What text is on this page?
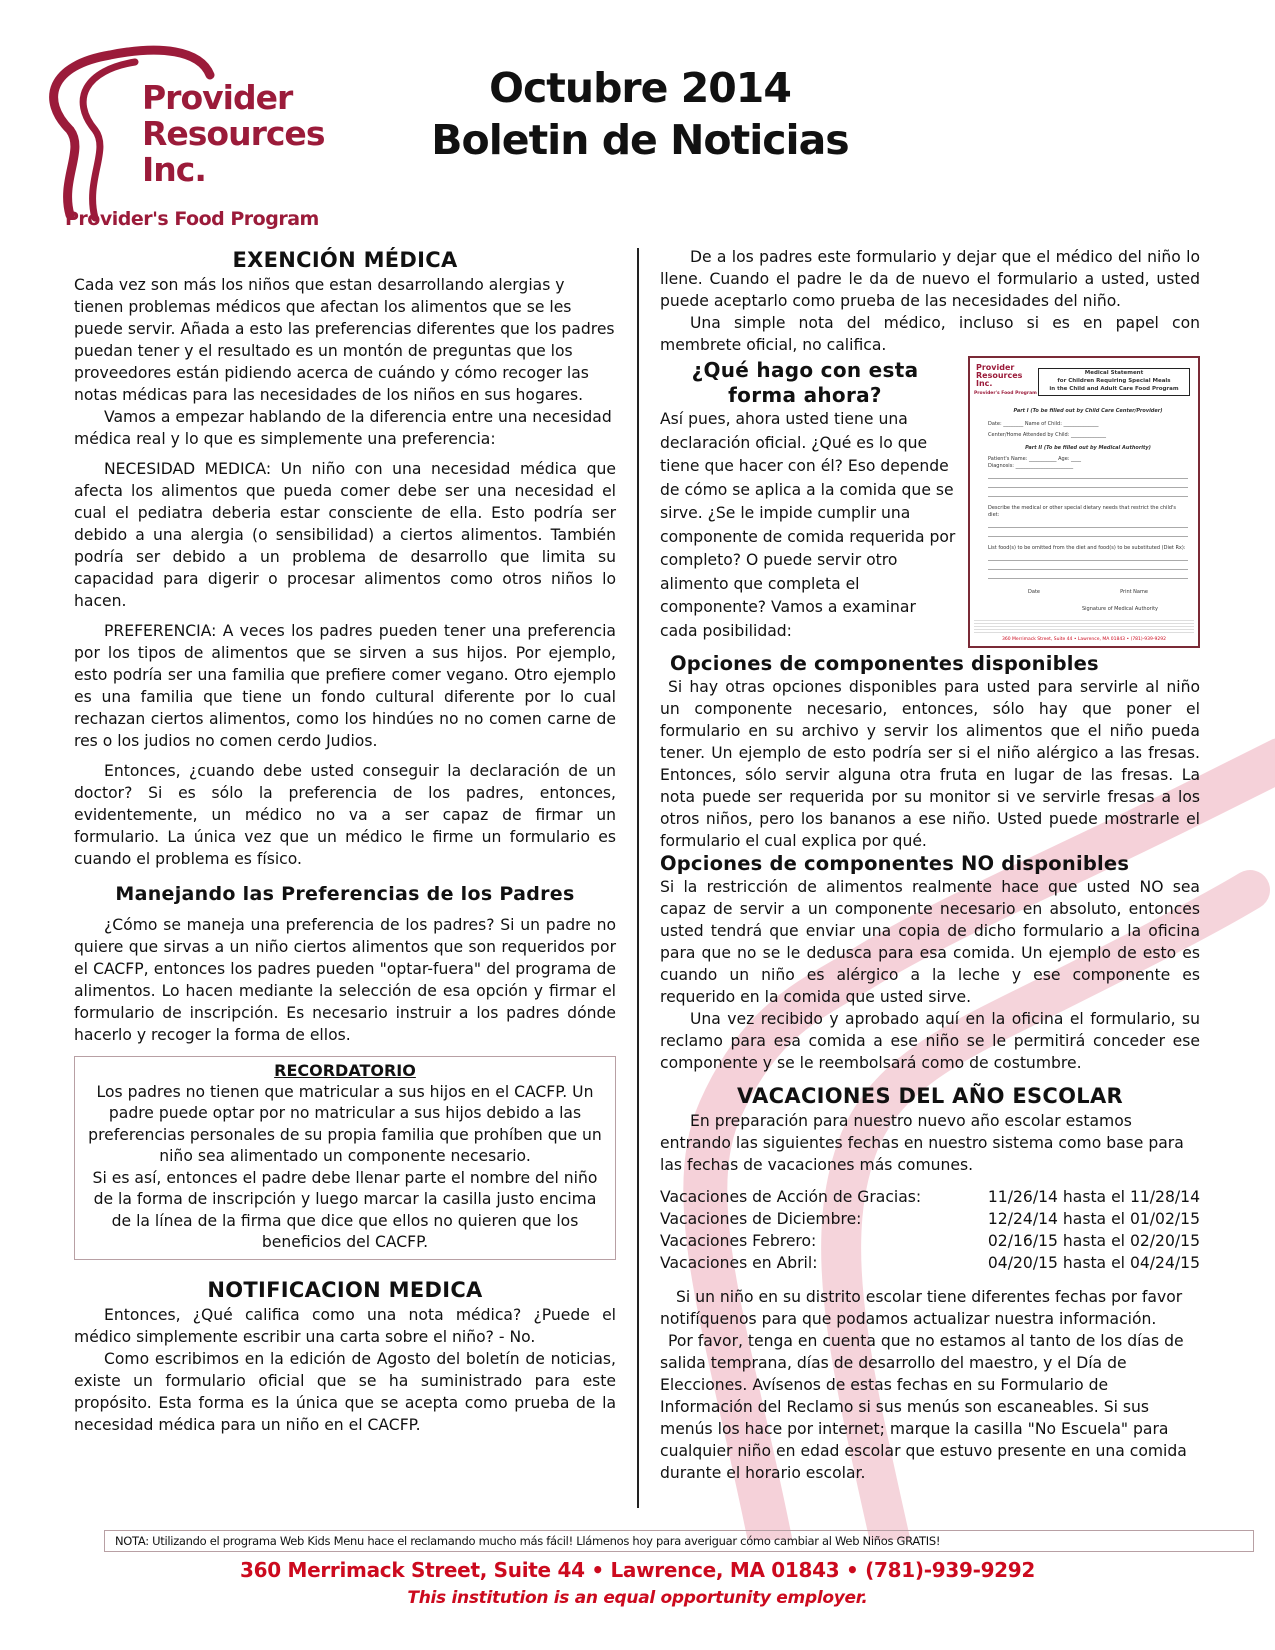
Provider
Resources
Inc.
Provider's Food Program
Octubre 2014
Boletin de Noticias
EXENCIÓN MÉDICA

Cada vez son más los niños que estan desarrollando alergias y tienen problemas médicos que afectan los alimentos que se les puede servir. Añada a esto las preferencias diferentes que los padres puedan tener y el resultado es un montón de preguntas que los proveedores están pidiendo acerca de cuándo y cómo recoger las notas médicas para las necesidades de los niños en sus hogares.

Vamos a empezar hablando de la diferencia entre una necesidad médica real y lo que es simplemente una preferencia:

NECESIDAD MEDICA: Un niño con una necesidad médica que afecta los alimentos que pueda comer debe ser una necesidad el cual el pediatra deberia estar consciente de ella. Esto podría ser debido a una alergia (o sensibilidad) a ciertos alimentos. También podría ser debido a un problema de desarrollo que limita su capacidad para digerir o procesar alimentos como otros niños lo hacen.

PREFERENCIA: A veces los padres pueden tener una preferencia por los tipos de alimentos que se sirven a sus hijos. Por ejemplo, esto podría ser una familia que prefiere comer vegano. Otro ejemplo es una familia que tiene un fondo cultural diferente por lo cual rechazan ciertos alimentos, como los hindúes no no comen carne de res o los judios no comen cerdo Judios.

Entonces, ¿cuando debe usted conseguir la declaración de un doctor? Si es sólo la preferencia de los padres, entonces, evidentemente, un médico no va a ser capaz de firmar un formulario. La única vez que un médico le firme un formulario es cuando el problema es físico.

Manejando las Preferencias de los Padres

¿Cómo se maneja una preferencia de los padres? Si un padre no quiere que sirvas a un niño ciertos alimentos que son requeridos por el CACFP, entonces los padres pueden "optar-fuera" del programa de alimentos. Lo hacen mediante la selección de esa opción y firmar el formulario de inscripción. Es necesario instruir a los padres dónde hacerlo y recoger la forma de ellos.

RECORDATORIO

Los padres no tienen que matricular a sus hijos en el CACFP. Un padre puede optar por no matricular a sus hijos debido a las preferencias personales de su propia familia que prohíben que un niño sea alimentado un componente necesario.

Si es así, entonces el padre debe llenar parte el nombre del niño de la forma de inscripción y luego marcar la casilla justo encima de la línea de la firma que dice que ellos no quieren que los beneficios del CACFP.

NOTIFICACION MEDICA

Entonces, ¿Qué califica como una nota médica? ¿Puede el médico simplemente escribir una carta sobre el niño? - No.

Como escribimos en la edición de Agosto del boletín de noticias, existe un formulario oficial que se ha suministrado para este propósito. Esta forma es la única que se acepta como prueba de la necesidad médica para un niño en el CACFP.

De a los padres este formulario y dejar que el médico del niño lo llene. Cuando el padre le da de nuevo el formulario a usted, usted puede aceptarlo como prueba de las necesidades del niño.

Una simple nota del médico, incluso si es en papel con membrete oficial, no califica.

Provider Resources Inc.
Provider's Food Program
Medical Statement
for Children Requiring Special Meals
in the Child and Adult Care Food Program
Part I (To be filled out by Child Care Center/Provider)
Date: ________ Name of Child: ______________
Center/Home Attended by Child: ______________
Part II (To be filled out by Medical Authority)
Patient's Name: ___________ Age: ____
Diagnosis: _______________________
Describe the medical or other special dietary needs that restrict the child's diet:
List food(s) to be omitted from the diet and food(s) to be substituted (Diet Rx):
Date	Print Name
Signature of Medical Authority
360 Merrimack Street, Suite 44 • Lawrence, MA 01843 • (781)-939-9292
¿Qué hago con esta
forma ahora?

Así pues, ahora usted tiene una declaración oficial. ¿Qué es lo que tiene que hacer con él? Eso depende de cómo se aplica a la comida que se sirve. ¿Se le impide cumplir una componente de comida requerida por completo? O puede servir otro alimento que completa el componente? Vamos a examinar cada posibilidad:

Opciones de componentes disponibles

Si hay otras opciones disponibles para usted para servirle al niño un componente necesario, entonces, sólo hay que poner el formulario en su archivo y servir los alimentos que el niño pueda tener. Un ejemplo de esto podría ser si el niño alérgico a las fresas. Entonces, sólo servir alguna otra fruta en lugar de las fresas. La nota puede ser requerida por su monitor si ve servirle fresas a los otros niños, pero los bananos a ese niño. Usted puede mostrarle el formulario el cual explica por qué.

Opciones de componentes NO disponibles

Si la restricción de alimentos realmente hace que usted NO sea capaz de servir a un componente necesario en absoluto, entonces usted tendrá que enviar una copia de dicho formulario a la oficina para que no se le dedusca para esa comida. Un ejemplo de esto es cuando un niño es alérgico a la leche y ese componente es requerido en la comida que usted sirve.

Una vez recibido y aprobado aquí en la oficina el formulario, su reclamo para esa comida a ese niño se le permitirá conceder ese componente y se le reembolsará como de costumbre.

VACACIONES DEL AÑO ESCOLAR

En preparación para nuestro nuevo año escolar estamos entrando las siguientes fechas en nuestro sistema como base para las fechas de vacaciones más comunes.

Vacaciones de Acción de Gracias:	11/26/14 hasta el 11/28/14
Vacaciones de Diciembre:	12/24/14 hasta el 01/02/15
Vacaciones Febrero:	02/16/15 hasta el 02/20/15
Vacaciones en Abril:	04/20/15 hasta el 04/24/15

Si un niño en su distrito escolar tiene diferentes fechas por favor notifíquenos para que podamos actualizar nuestra información.

Por favor, tenga en cuenta que no estamos al tanto de los días de salida temprana, días de desarrollo del maestro, y el Día de Elecciones. Avísenos de estas fechas en su Formulario de Información del Reclamo si sus menús son escaneables. Si sus menús los hace por internet; marque la casilla "No Escuela" para cualquier niño en edad escolar que estuvo presente en una comida durante el horario escolar.

NOTA: Utilizando el programa Web Kids Menu hace el reclamando mucho más fácil! Llámenos hoy para averiguar cómo cambiar al Web Niños GRATIS!
360 Merrimack Street, Suite 44 • Lawrence, MA 01843 • (781)-939-9292
This institution is an equal opportunity employer.
